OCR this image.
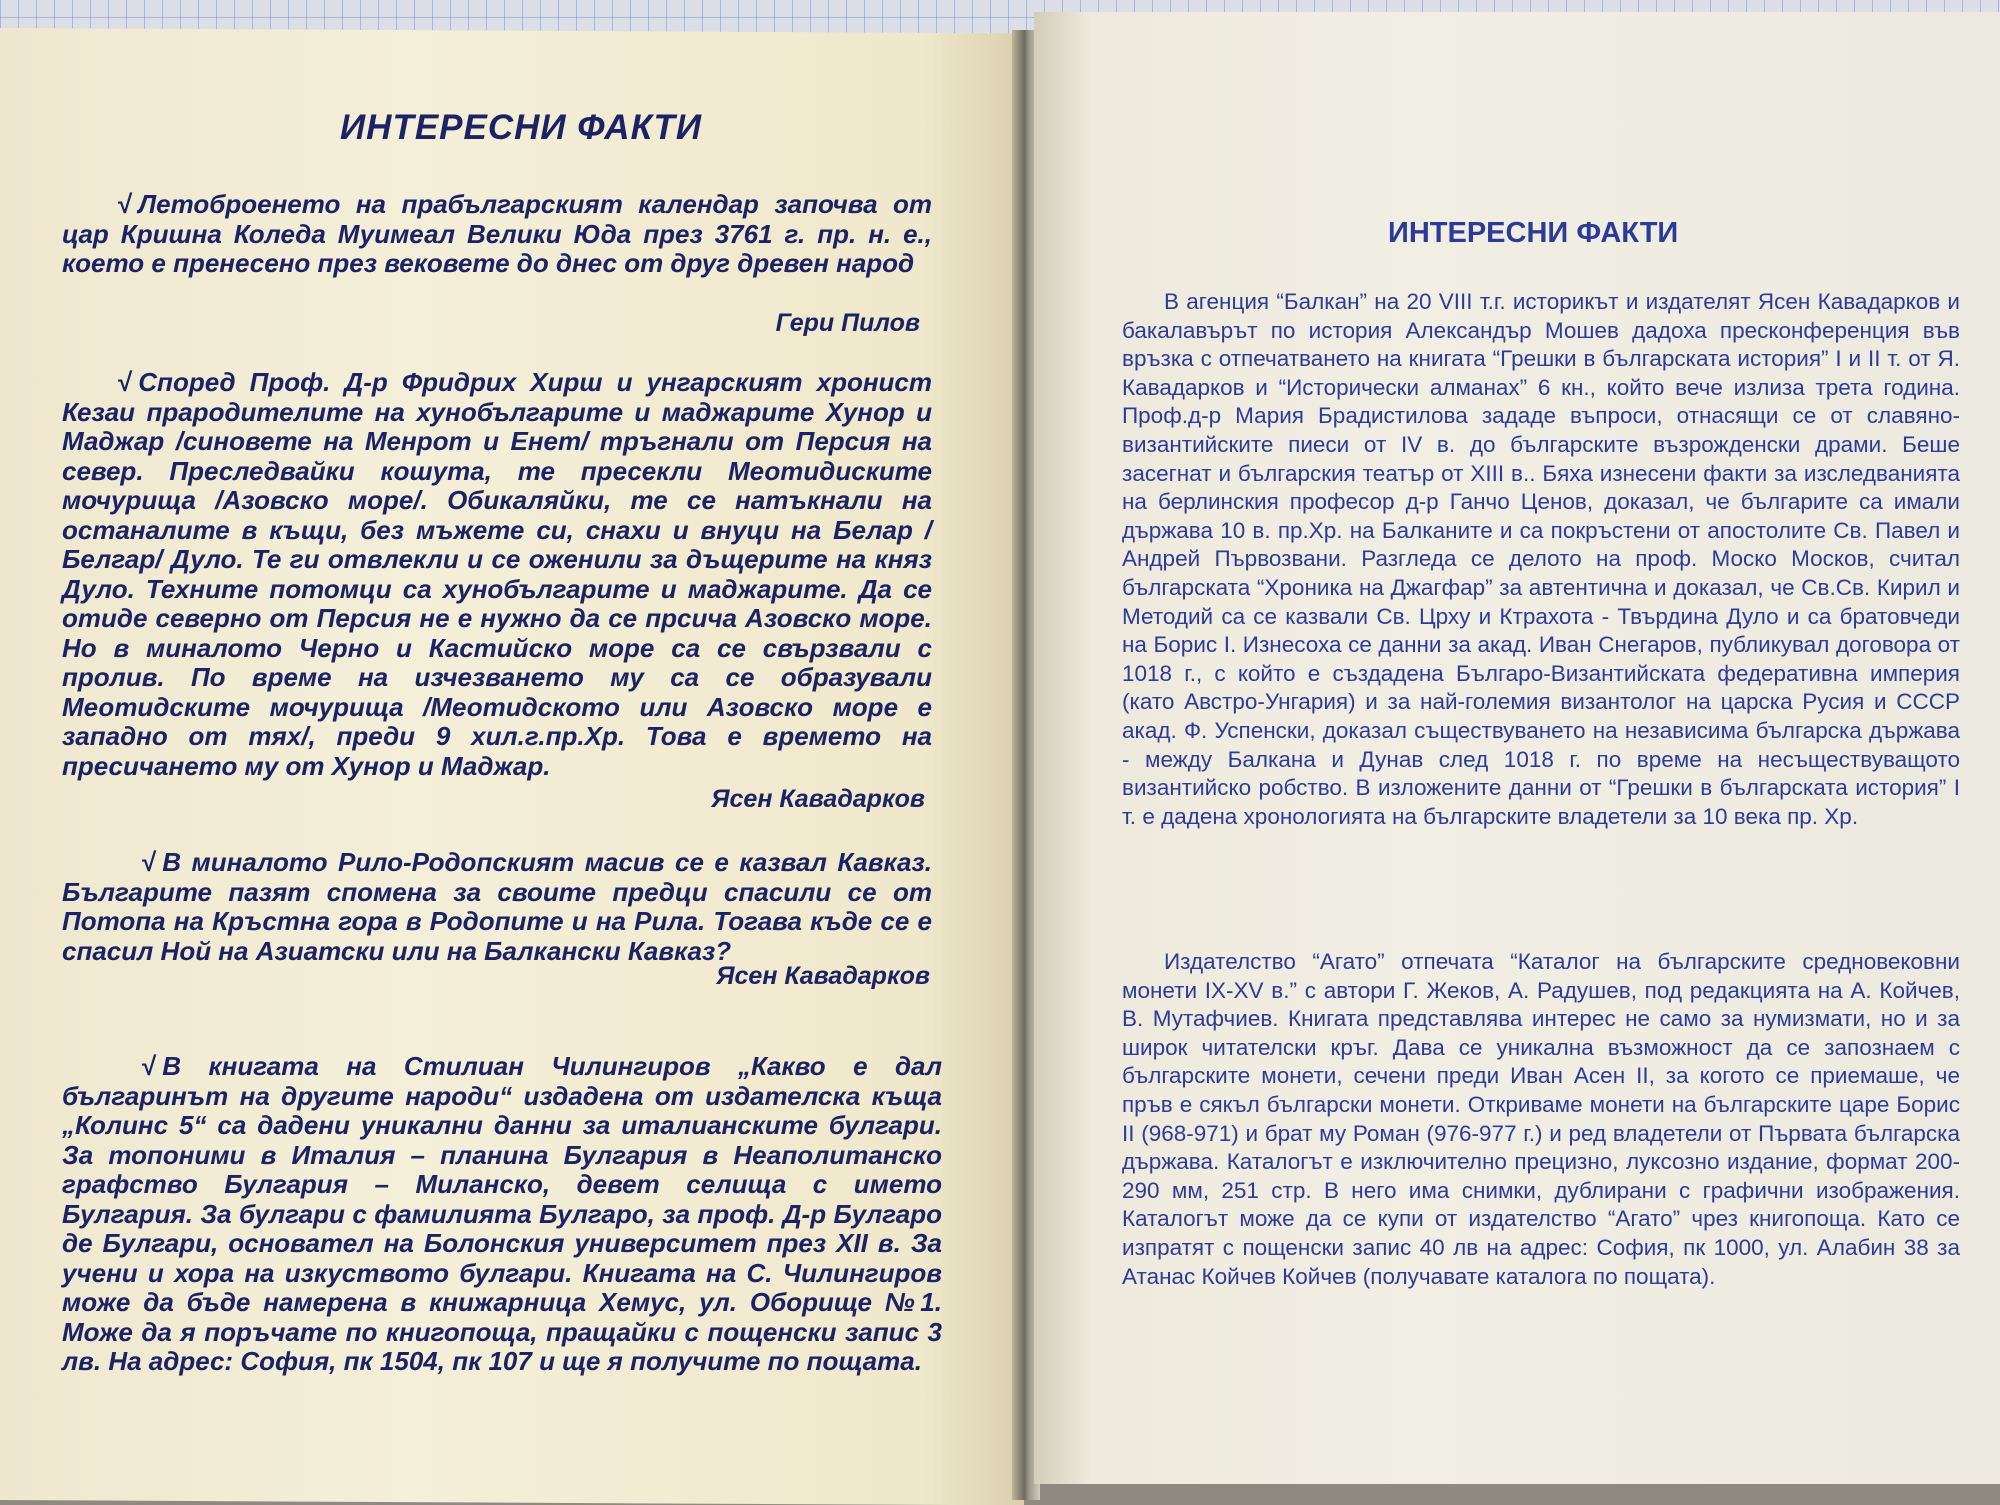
ИНТЕРЕСНИ ФАКТИ

√ Летоброенето на прабългарският календар започва от цар Кришна Коледа Муимеал Велики Юда през 3761 г. пр. н. е., което е пренесено през вековете до днес от друг древен народ

Гери Пилов

√ Според Проф. Д-р Фридрих Хирш и унгарският хронист Кезаи прародителите на хунобългарите и маджарите Хунор и Маджар /синовете на Менрот и Енет/ тръгнали от Персия на север. Преследвайки кошута, те пресекли Меотидиските мочурища /Азовско море/. Обикаляйки, те се натъкнали на останалите в къщи, без мъжете си, снахи и внуци на Белар / Белгар/ Дуло. Те ги отвлекли и се оженили за дъщерите на княз Дуло. Техните потомци са хунобългарите и маджарите. Да се отиде северно от Персия не е нужно да се прсича Азовско море. Но в миналото Черно и Кастийско море са се свързвали с пролив. По време на изчезването му са се образували Меотидските мочурища /Меотидското или Азовско море е западно от тях/, преди 9 хил.г.пр.Хр. Това е времето на пресичането му от Хунор и Маджар.

Ясен Кавадарков

√ В миналото Рило-Родопският масив се е казвал Кавказ. Българите пазят спомена за своите предци спасили се от Потопа на Кръстна гора в Родопите и на Рила. Тогава къде се е спасил Ной на Азиатски или на Балкански Кавказ?

Ясен Кавадарков

√ В книгата на Стилиан Чилингиров „Какво е дал българинът на другите народи“ издадена от издателска къща „Колинс 5“ са дадени уникални данни за италианските булгари. За топоними в Италия – планина Булгария в Неаполитанско графство Булгария – Миланско, девет селища с името Булгария. За булгари с фамилията Булгаро, за проф. Д-р Булгаро де Булгари, основател на Болонския университет през XII в. За учени и хора на изкуството булгари. Книгата на С. Чилингиров може да бъде намерена в книжарница Хемус, ул. Оборище №1. Може да я поръчате по книгопоща, пращайки с пощенски запис 3 лв. На адрес: София, пк 1504, пк 107 и ще я получите по пощата.

ИНТЕРЕСНИ ФАКТИ

В агенция “Балкан” на 20 VIII т.г. историкът и издателят Ясен Кавадарков и бакалавърът по история Александър Мошев дадоха пресконференция във връзка с отпечатването на книгата “Грешки в българската история” I и II т. от Я. Кавадарков и “Исторически алманах” 6 кн., който вече излиза трета година. Проф.д-р Мария Брадистилова зададе въпроси, отнасящи се от славяно-византийските пиеси от IV в. до българските възрожденски драми. Беше засегнат и българския театър от XIII в.. Бяха изнесени факти за изследванията на берлинския професор д-р Ганчо Ценов, доказал, че българите са имали държава 10 в. пр.Хр. на Балканите и са покръстени от апостолите Св. Павел и Андрей Първозвани. Разгледа се делото на проф. Моско Москов, считал българската “Хроника на Джагфар” за автентична и доказал, че Св.Св. Кирил и Методий са се казвали Св. Црху и Ктрахота - Твърдина Дуло и са братовчеди на Борис I. Изнесоха се данни за акад. Иван Снегаров, публикувал договора от 1018 г., с който е създадена Българо-Византийската федеративна империя (като Австро-Унгария) и за най-големия византолог на царска Русия и СССР акад. Ф. Успенски, доказал съществуването на независима българска държава - между Балкана и Дунав след 1018 г. по време на несъществуващото византийско робство. В изложените данни от “Грешки в българската история” I т. е дадена хронологията на българските владетели за 10 века пр. Хр.

Издателство “Агато” отпечата “Каталог на българските средновековни монети IX-XV в.” с автори Г. Жеков, А. Радушев, под редакцията на А. Койчев, В. Мутафчиев. Книгата представлява интерес не само за нумизмати, но и за широк читателски кръг. Дава се уникална възможност да се запознаем с българските монети, сечени преди Иван Асен II, за когото се приемаше, че пръв е сякъл български монети. Откриваме монети на българските царе Борис II (968-971) и брат му Роман (976-977 г.) и ред владетели от Първата българска държава. Каталогът е изключително прецизно, луксозно издание, формат 200-290 мм, 251 стр. В него има снимки, дублирани с графични изображения. Каталогът може да се купи от издателство “Агато” чрез книгопоща. Като се изпратят с пощенски запис 40 лв на адрес: София, пк 1000, ул. Алабин 38 за Атанас Койчев Койчев (получавате каталога по пощата).
